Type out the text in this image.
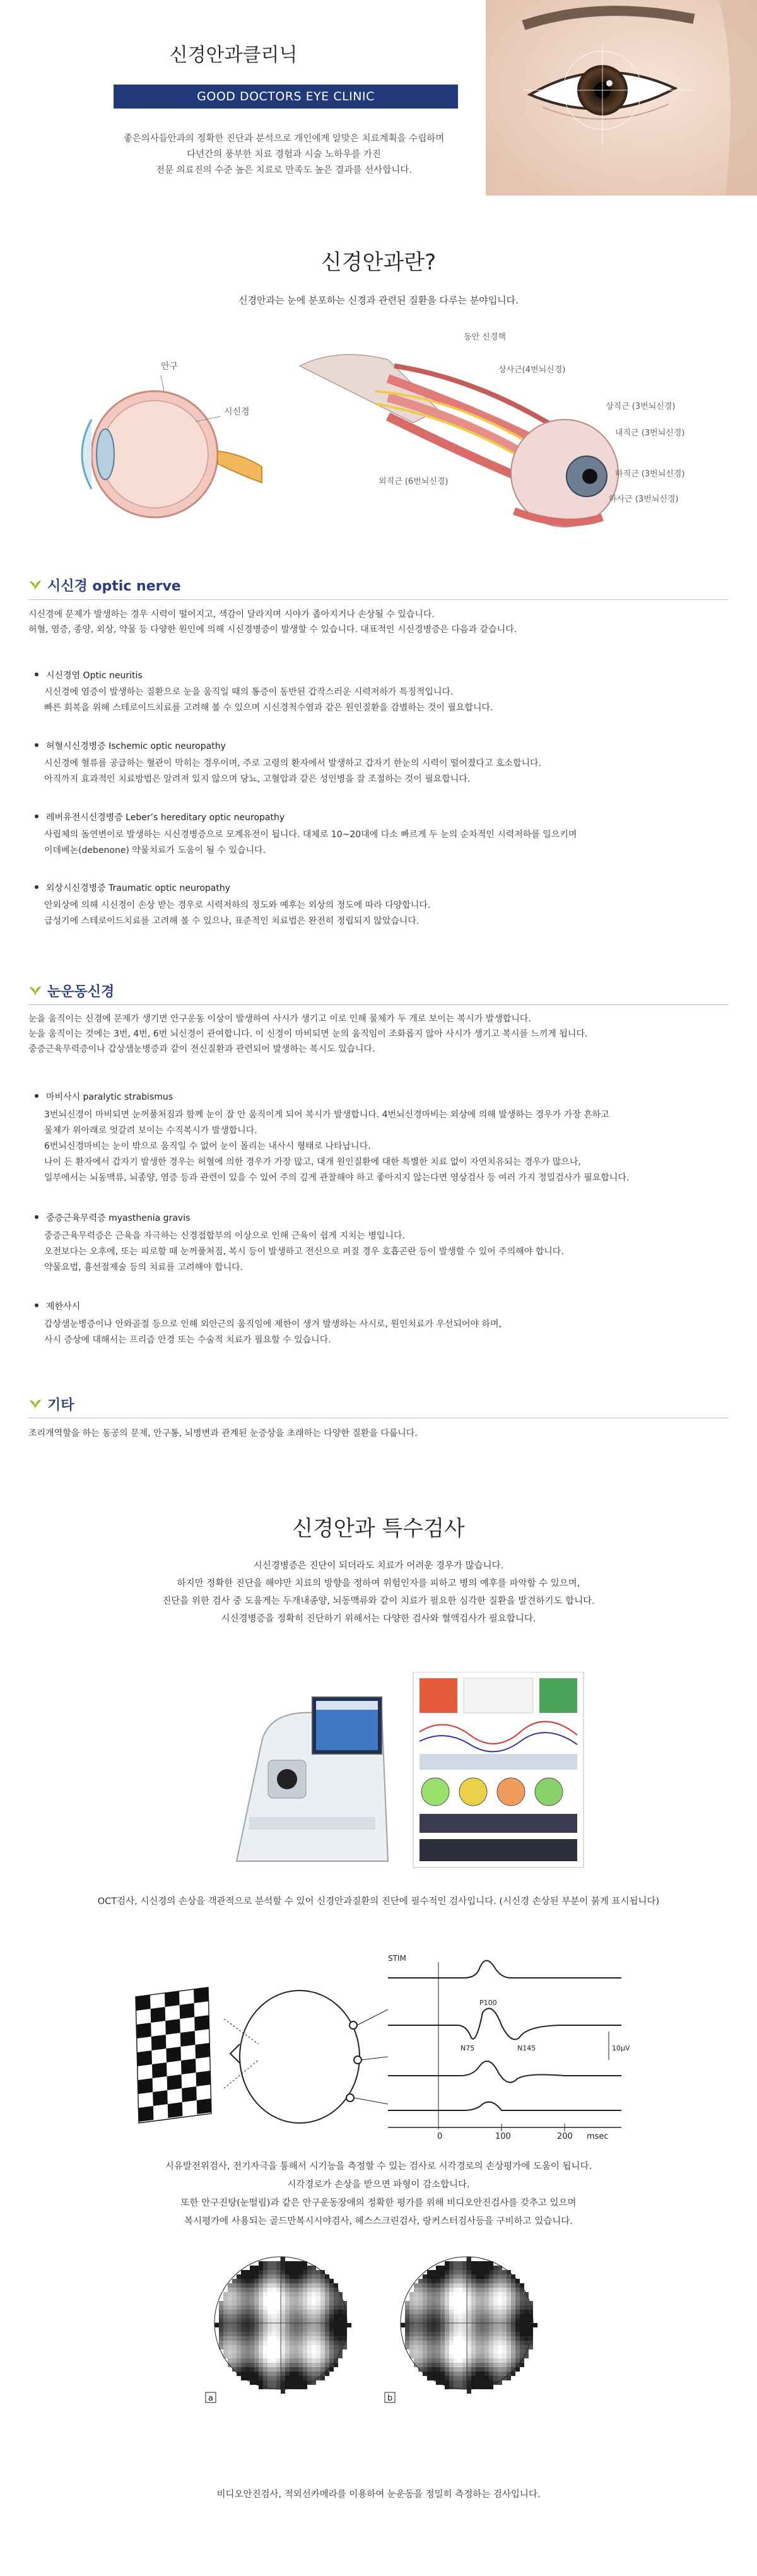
신경안과클리닉
GOOD DOCTORS EYE CLINIC
좋은의사들안과의 정확한 진단과 분석으로 개인에게 알맞은 치료계획을 수립하며
다년간의 풍부한 치료 경험과 시술 노하우를 가진
전문 의료진의 수준 높은 치료로 만족도 높은 결과를 선사합니다.
신경안과란?
신경안과는 눈에 분포하는 신경과 관련된 질환을 다루는 분야입니다.
안구
시신경
동안 신경핵
상사근(4번뇌신경)
상직근 (3번뇌신경)
내직근 (3번뇌신경)
외직근 (6번뇌신경)
하직근 (3번뇌신경)
하사근 (3번뇌신경)
시신경 optic nerve
시신경에 문제가 발생하는 경우 시력이 떨어지고, 색감이 달라지며 시야가 좁아지거나 손상될 수 있습니다.
허혈, 염증, 종양, 외상, 약물 등 다양한 원인에 의해 시신경병증이 발생할 수 있습니다. 대표적인 시신경병증은 다음과 같습니다.
시신경염 Optic neuritis
시신경에 염증이 발생하는 질환으로 눈을 움직일 때의 통증이 동반된 갑작스러운 시력저하가 특징적입니다.
빠른 회복을 위해 스테로이드치료를 고려해 볼 수 있으며 시신경척수염과 같은 원인질환을 감별하는 것이 필요합니다.
허혈시신경병증 Ischemic optic neuropathy
시신경에 혈류를 공급하는 혈관이 막히는 경우이며, 주로 고령의 환자에서 발생하고 갑자기 한눈의 시력이 떨어졌다고 호소합니다.
아직까지 효과적인 치료방법은 알려져 있지 않으며 당뇨, 고혈압과 같은 성인병을 잘 조절하는 것이 필요합니다.
레버유전시신경병증 Leber’s hereditary optic neuropathy
사립체의 돌연변이로 발생하는 시신경병증으로 모계유전이 됩니다. 대체로 10~20대에 다소 빠르게 두 눈의 순차적인 시력저하를 일으키며
이데베논(debenone) 약물치료가 도움이 될 수 있습니다.
외상시신경병증 Traumatic optic neuropathy
안외상에 의해 시신경이 손상 받는 경우로 시력저하의 정도와 예후는 외상의 정도에 따라 다양합니다.
급성기에 스테로이드치료를 고려해 볼 수 있으나, 표준적인 치료법은 완전히 정립되지 않았습니다.
눈운동신경
눈을 움직이는 신경에 문제가 생기면 안구운동 이상이 발생하여 사시가 생기고 이로 인해 물체가 두 개로 보이는 복시가 발생합니다.
눈을 움직이는 것에는 3번, 4번, 6번 뇌신경이 관여합니다. 이 신경이 마비되면 눈의 움직임이 조화롭지 않아 사시가 생기고 복시를 느끼게 됩니다.
중증근육무력증이나 갑상샘눈병증과 같이 전신질환과 관련되어 발생하는 복시도 있습니다.
마비사시 paralytic strabismus
3번뇌신경이 마비되면 눈꺼풀처짐과 함께 눈이 잘 안 움직이게 되어 복시가 발생합니다. 4번뇌신경마비는 외상에 의해 발생하는 경우가 가장 흔하고
물체가 위아래로 엇갈려 보이는 수직복시가 발생합니다.
6번뇌신경마비는 눈이 밖으로 움직일 수 없어 눈이 몰리는 내사시 형태로 나타납니다.
나이 든 환자에서 갑자기 발생한 경우는 허혈에 의한 경우가 가장 많고, 대개 원인질환에 대한 특별한 치료 없이 자연치유되는 경우가 많으나,
일부에서는 뇌동맥류, 뇌종양, 염증 등과 관련이 있을 수 있어 주의 깊게 관찰해야 하고 좋아지지 않는다면 영상검사 등 여러 가지 정밀검사가 필요합니다.
중증근육무력증 myasthenia gravis
중증근육무력증은 근육을 자극하는 신경접합부의 이상으로 인해 근육이 쉽게 지치는 병입니다.
오전보다는 오후에, 또는 피로할 때 눈꺼풀처짐, 복시 등이 발생하고 전신으로 퍼질 경우 호흡곤란 등이 발생할 수 있어 주의해야 합니다.
약물요법, 흉선절제술 등의 치료를 고려해야 합니다.
제한사시
갑상샘눈병증이나 안와골절 등으로 인해 외안근의 움직임에 제한이 생겨 발생하는 사시로, 원인치료가 우선되어야 하며,
사시 증상에 대해서는 프리즘 안경 또는 수술적 치료가 필요할 수 있습니다.
기타
조리개역할을 하는 동공의 문제, 안구통, 뇌병변과 관계된 눈증상을 초래하는 다양한 질환을 다룹니다.
신경안과 특수검사
시신경병증은 진단이 되더라도 치료가 어려운 경우가 많습니다.
하지만 정확한 진단을 해야만 치료의 방향을 정하여 위험인자를 피하고 병의 예후를 파악할 수 있으며,
진단을 위한 검사 중 도움게는 두개내종양, 뇌동맥류와 같이 치료가 필요한 심각한 질환을 발견하기도 합니다.
시신경병증을 정확히 진단하기 위해서는 다양한 검사와 혈액검사가 필요합니다.
OCT검사, 시신경의 손상을 객관적으로 분석할 수 있어 신경안과질환의 진단에 필수적인 검사입니다. (시신경 손상된 부분이 붉게 표시됩니다)
STIM
P100
N75	N145	10μV
0	100	200 msec
시유발전위검사, 전기자극을 통해서 시기능을 측정할 수 있는 검사로 시각경로의 손상평가에 도움이 됩니다.
시각경로가 손상을 받으면 파형이 감소합니다.
또한 안구진탕(눈떨림)과 같은 안구운동장애의 정확한 평가를 위해 비디오안진검사를 갖추고 있으며
복시평가에 사용되는 골드만복시시야검사, 헤스스크린검사, 랑커스터검사등을 구비하고 있습니다.
a	b
비디오안진검사, 적외선카메라를 이용하여 눈운동을 정밀히 측정하는 검사입니다.
